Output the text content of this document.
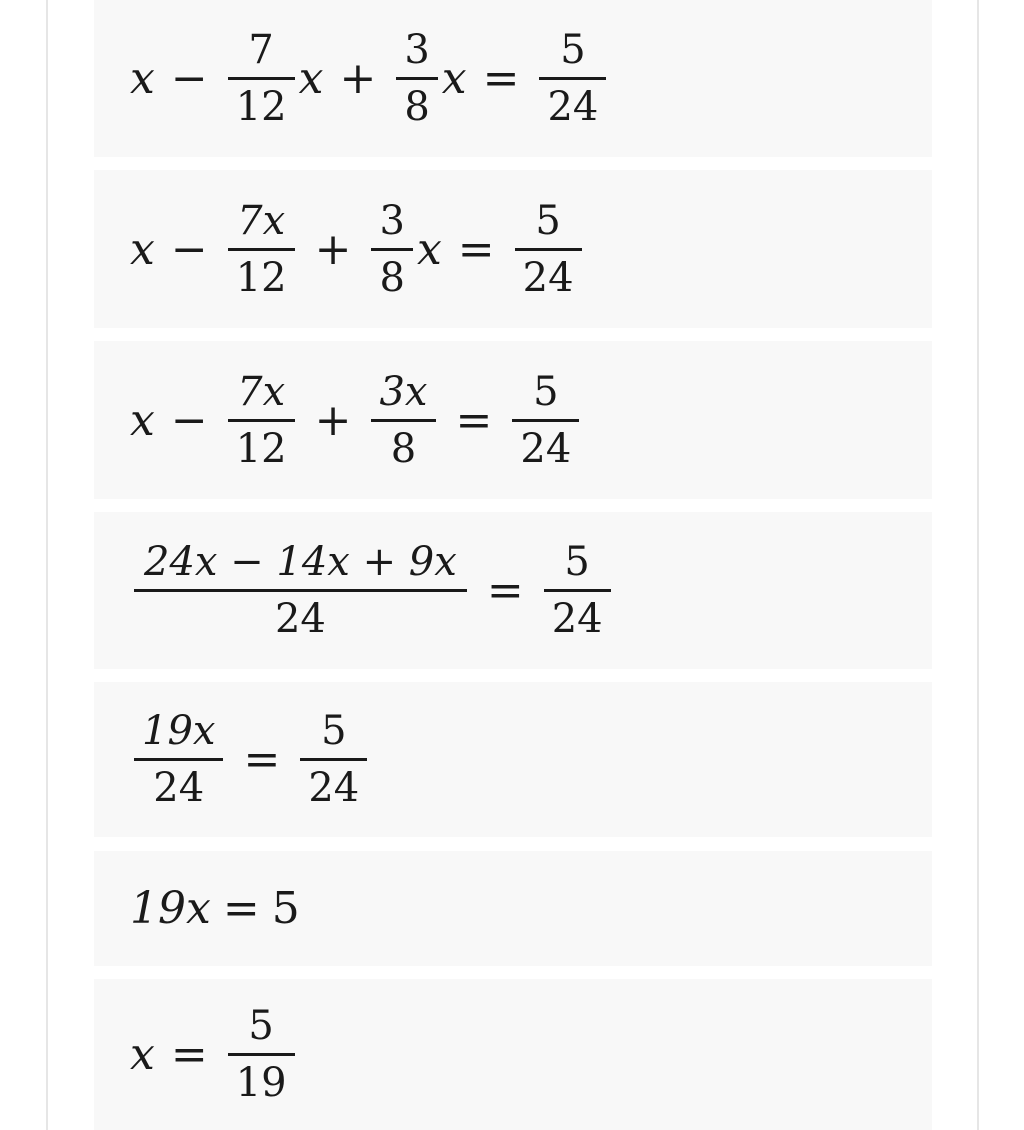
$x - \frac{7}{12}$ $x + \frac{3}{8}$ $x = \frac{5}{24}$
$x - \frac{7x}{12} + \frac{3}{8}$ $x = \frac{5}{24}$
$x - \frac{7x}{12} + \frac{3x}{8} = \frac{5}{24}$
$\frac{24x - 14x + 9x}{24} = \frac{5}{24}$
$\frac{19x}{24} = \frac{5}{24}$
19x = 5
$x = \frac{5}{19}$
